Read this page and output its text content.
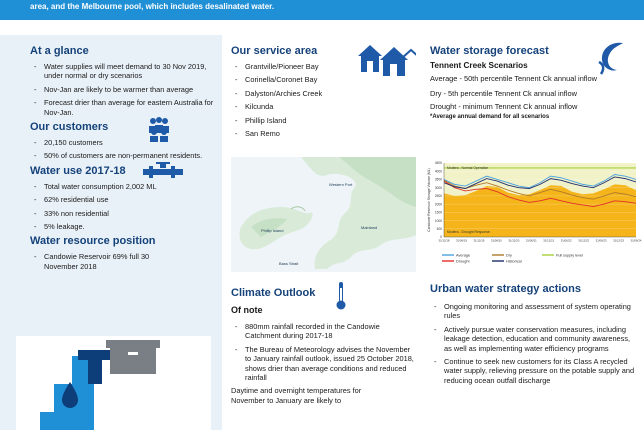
area, and the Melbourne pool, which includes desalinated water.
At a glance
- Water supplies will meet demand to 30 Nov 2019, under normal or dry scenarios
- Nov-Jan are likely to be warmer than average
- Forecast drier than average for eastern Australia for Nov-Jan.
Our customers
- 20,150 customers
- 50% of customers are non-permanent residents.
Water use 2017-18
- Total water consumption 2,002 ML
- 62% residential use
- 33% non residential
- 5% leakage.
Water resource position
- Candowie Reservoir 69% full 30 November 2018
Our service area
- Grantville/Pioneer Bay
- Corinella/Coronet Bay
- Dalyston/Archies Creek
- Kilcunda
- Phillip Island
- San Remo
Western Port
Phillip Island
Mainland
Bass Strait
Climate Outlook
Of note
- 880mm rainfall recorded in the Candowie Catchment during 2017-18
- The Bureau of Meteorology advises the November to January rainfall outlook, issued 25 October 2018, shows drier than average conditions and reduced rainfall
Daytime and overnight temperatures for November to January are likely to
Water storage forecast
Tennent Creek Scenarios
Average - 50th percentile Tennent Ck annual inflow
Dry - 5th percentile Tennent Ck annual inflow
Drought - minimum Tennent Ck annual inflow
*Average annual demand for all scenarios
4500
4000
3500
3000
2500
2000
1500
1000
500
0
31/12/18 31/06/19 31/12/19 31/06/20 31/12/20 31/06/21 31/12/21 31/06/22 31/12/22 31/06/23 31/12/23 31/06/24
Candowie Reservoir Storage Volume (ML)
Modera - Normal Operation
Modera - Drought Response
Average
Drought
Dry
Historical
Full supply level
Urban water strategy actions
- Ongoing monitoring and assessment of system operating rules
- Actively pursue water conservation measures, including leakage detection, education and community awareness, as well as implementing water efficiency programs
- Continue to seek new customers for its Class A recycled water supply, relieving pressure on the potable supply and reducing ocean outfall discharge
